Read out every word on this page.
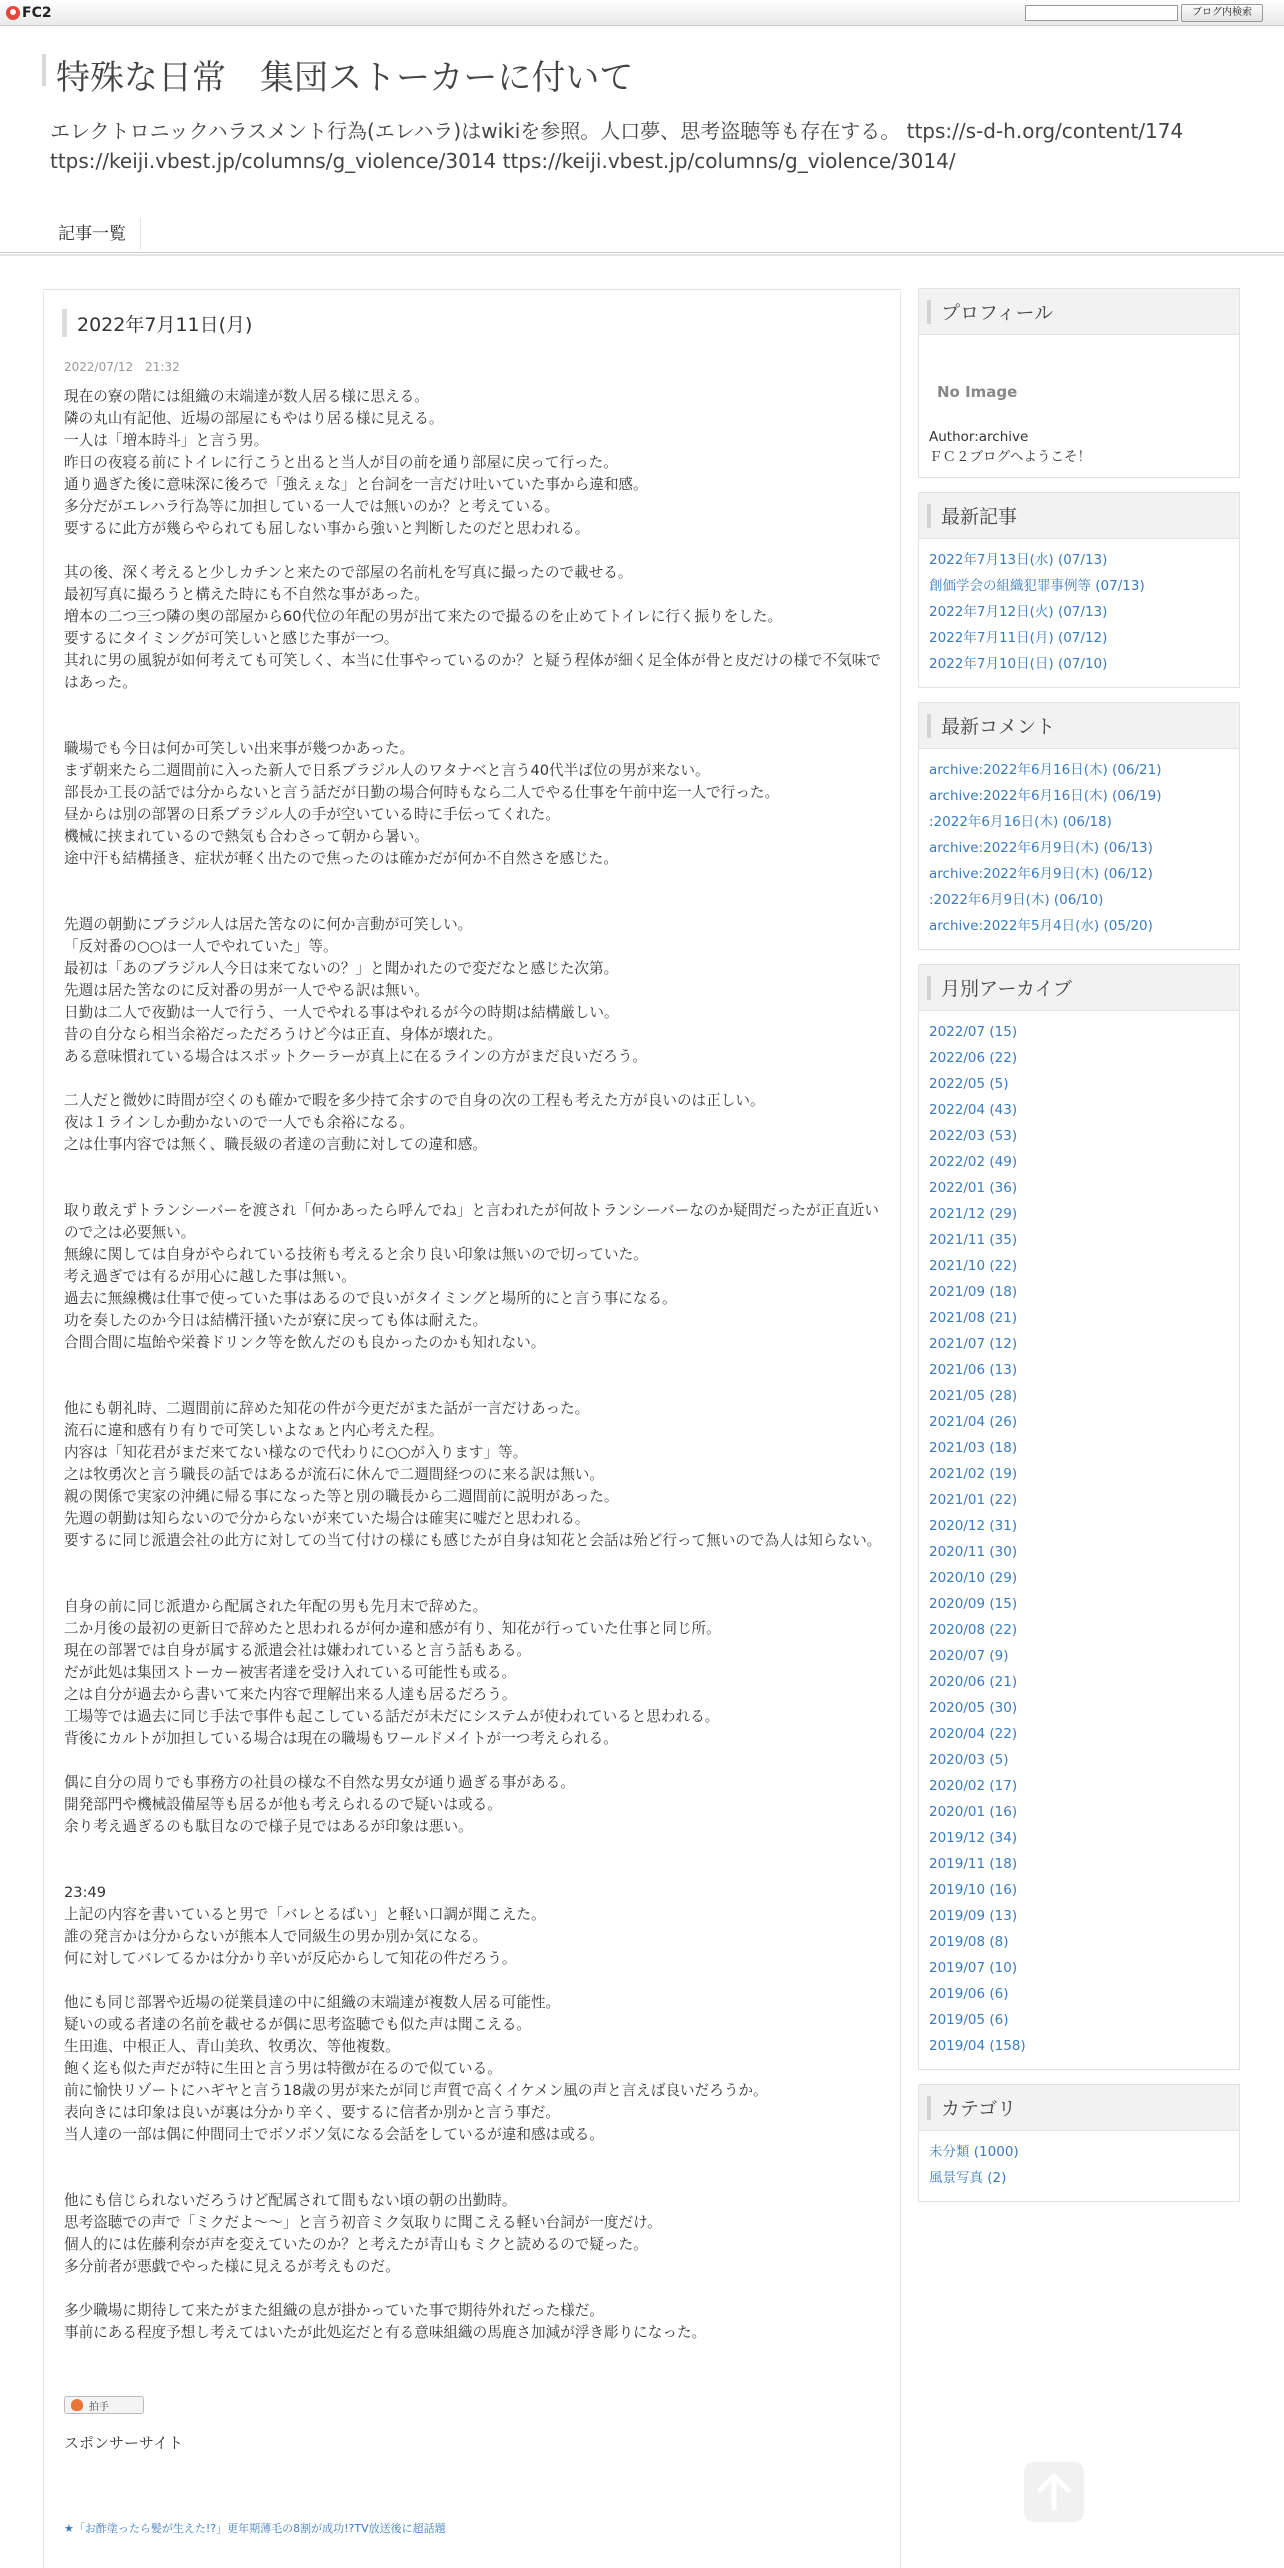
FC2	ブログ内検索
特殊な日常　集団ストーカーに付いて
エレクトロニックハラスメント行為(エレハラ)はwikiを参照。人口夢、思考盗聴等も存在する。 ttps://s-d-h.org/content/174
ttps://keiji.vbest.jp/columns/g_violence/3014 ttps://keiji.vbest.jp/columns/g_violence/3014/
記事一覧
2022年7月11日(月)
2022/07/12　21:32
現在の寮の階には組織の末端達が数人居る様に思える。
隣の丸山有記他、近場の部屋にもやはり居る様に見える。
一人は「増本時斗」と言う男。
昨日の夜寝る前にトイレに行こうと出ると当人が目の前を通り部屋に戻って行った。
通り過ぎた後に意味深に後ろで「強えぇな」と台詞を一言だけ吐いていた事から違和感。
多分だがエレハラ行為等に加担している一人では無いのか？と考えている。
要するに此方が幾らやられても屈しない事から強いと判断したのだと思われる。
其の後、深く考えると少しカチンと来たので部屋の名前札を写真に撮ったので載せる。
最初写真に撮ろうと構えた時にも不自然な事があった。
増本の二つ三つ隣の奥の部屋から60代位の年配の男が出て来たので撮るのを止めてトイレに行く振りをした。
要するにタイミングが可笑しいと感じた事が一つ。
其れに男の風貌が如何考えても可笑しく、本当に仕事やっているのか？と疑う程体が細く足全体が骨と皮だけの様で不気味ではあった。
職場でも今日は何か可笑しい出来事が幾つかあった。
まず朝来たら二週間前に入った新人で日系ブラジル人のワタナベと言う40代半ば位の男が来ない。
部長か工長の話では分からないと言う話だが日勤の場合何時もなら二人でやる仕事を午前中迄一人で行った。
昼からは別の部署の日系ブラジル人の手が空いている時に手伝ってくれた。
機械に挟まれているので熱気も合わさって朝から暑い。
途中汗も結構掻き、症状が軽く出たので焦ったのは確かだが何か不自然さを感じた。
先週の朝勤にブラジル人は居た筈なのに何か言動が可笑しい。
「反対番の○○は一人でやれていた」等。
最初は「あのブラジル人今日は来てないの？」と聞かれたので変だなと感じた次第。
先週は居た筈なのに反対番の男が一人でやる訳は無い。
日勤は二人で夜勤は一人で行う、一人でやれる事はやれるが今の時期は結構厳しい。
昔の自分なら相当余裕だっただろうけど今は正直、身体が壊れた。
ある意味慣れている場合はスポットクーラーが真上に在るラインの方がまだ良いだろう。
二人だと微妙に時間が空くのも確かで暇を多少持て余すので自身の次の工程も考えた方が良いのは正しい。
夜は１ラインしか動かないので一人でも余裕になる。
之は仕事内容では無く、職長級の者達の言動に対しての違和感。
取り敢えずトランシーバーを渡され「何かあったら呼んでね」と言われたが何故トランシーバーなのか疑問だったが正直近いので之は必要無い。
無線に関しては自身がやられている技術も考えると余り良い印象は無いので切っていた。
考え過ぎでは有るが用心に越した事は無い。
過去に無線機は仕事で使っていた事はあるので良いがタイミングと場所的にと言う事になる。
功を奏したのか今日は結構汗掻いたが寮に戻っても体は耐えた。
合間合間に塩飴や栄養ドリンク等を飲んだのも良かったのかも知れない。
他にも朝礼時、二週間前に辞めた知花の件が今更だがまた話が一言だけあった。
流石に違和感有り有りで可笑しいよなぁと内心考えた程。
内容は「知花君がまだ来てない様なので代わりに○○が入ります」等。
之は牧勇次と言う職長の話ではあるが流石に休んで二週間経つのに来る訳は無い。
親の関係で実家の沖縄に帰る事になった等と別の職長から二週間前に説明があった。
先週の朝勤は知らないので分からないが来ていた場合は確実に嘘だと思われる。
要するに同じ派遣会社の此方に対しての当て付けの様にも感じたが自身は知花と会話は殆ど行って無いので為人は知らない。
自身の前に同じ派遣から配属された年配の男も先月末で辞めた。
二か月後の最初の更新日で辞めたと思われるが何か違和感が有り、知花が行っていた仕事と同じ所。
現在の部署では自身が属する派遣会社は嫌われていると言う話もある。
だが此処は集団ストーカー被害者達を受け入れている可能性も或る。
之は自分が過去から書いて来た内容で理解出来る人達も居るだろう。
工場等では過去に同じ手法で事件も起こしている話だが未だにシステムが使われていると思われる。
背後にカルトが加担している場合は現在の職場もワールドメイトが一つ考えられる。
偶に自分の周りでも事務方の社員の様な不自然な男女が通り過ぎる事がある。
開発部門や機械設備屋等も居るが他も考えられるので疑いは或る。
余り考え過ぎるのも駄目なので様子見ではあるが印象は悪い。
23:49
上記の内容を書いていると男で「バレとるばい」と軽い口調が聞こえた。
誰の発言かは分からないが熊本人で同級生の男か別か気になる。
何に対してバレてるかは分かり辛いが反応からして知花の件だろう。
他にも同じ部署や近場の従業員達の中に組織の末端達が複数人居る可能性。
疑いの或る者達の名前を載せるが偶に思考盗聴でも似た声は聞こえる。
生田進、中根正人、青山美玖、牧勇次、等他複数。
飽く迄も似た声だが特に生田と言う男は特徴が在るので似ている。
前に愉快リゾートにハギヤと言う18歳の男が来たが同じ声質で高くイケメン風の声と言えば良いだろうか。
表向きには印象は良いが裏は分かり辛く、要するに信者か別かと言う事だ。
当人達の一部は偶に仲間同士でボソボソ気になる会話をしているが違和感は或る。
他にも信じられないだろうけど配属されて間もない頃の朝の出勤時。
思考盗聴での声で「ミクだよ～～」と言う初音ミク気取りに聞こえる軽い台詞が一度だけ。
個人的には佐藤利奈が声を変えていたのか？と考えたが青山もミクと読めるので疑った。
多分前者が悪戯でやった様に見えるが考えものだ。
多少職場に期待して来たがまた組織の息が掛かっていた事で期待外れだった様だ。
事前にある程度予想し考えてはいたが此処迄だと有る意味組織の馬鹿さ加減が浮き彫りになった。
拍手
スポンサーサイト
★「お酢塗ったら髪が生えた!?」更年期薄毛の8割が成功!?TV放送後に超話題
プロフィール
No Image
Author:archive
ＦＣ２ブログへようこそ！
最新記事
2022年7月13日(水) (07/13)
創価学会の組織犯罪事例等 (07/13)
2022年7月12日(火) (07/13)
2022年7月11日(月) (07/12)
2022年7月10日(日) (07/10)
最新コメント
archive:2022年6月16日(木) (06/21)
archive:2022年6月16日(木) (06/19)
:2022年6月16日(木) (06/18)
archive:2022年6月9日(木) (06/13)
archive:2022年6月9日(木) (06/12)
:2022年6月9日(木) (06/10)
archive:2022年5月4日(水) (05/20)
月別アーカイブ
2022/07 (15)
2022/06 (22)
2022/05 (5)
2022/04 (43)
2022/03 (53)
2022/02 (49)
2022/01 (36)
2021/12 (29)
2021/11 (35)
2021/10 (22)
2021/09 (18)
2021/08 (21)
2021/07 (12)
2021/06 (13)
2021/05 (28)
2021/04 (26)
2021/03 (18)
2021/02 (19)
2021/01 (22)
2020/12 (31)
2020/11 (30)
2020/10 (29)
2020/09 (15)
2020/08 (22)
2020/07 (9)
2020/06 (21)
2020/05 (30)
2020/04 (22)
2020/03 (5)
2020/02 (17)
2020/01 (16)
2019/12 (34)
2019/11 (18)
2019/10 (16)
2019/09 (13)
2019/08 (8)
2019/07 (10)
2019/06 (6)
2019/05 (6)
2019/04 (158)
カテゴリ
未分類 (1000)
風景写真 (2)
